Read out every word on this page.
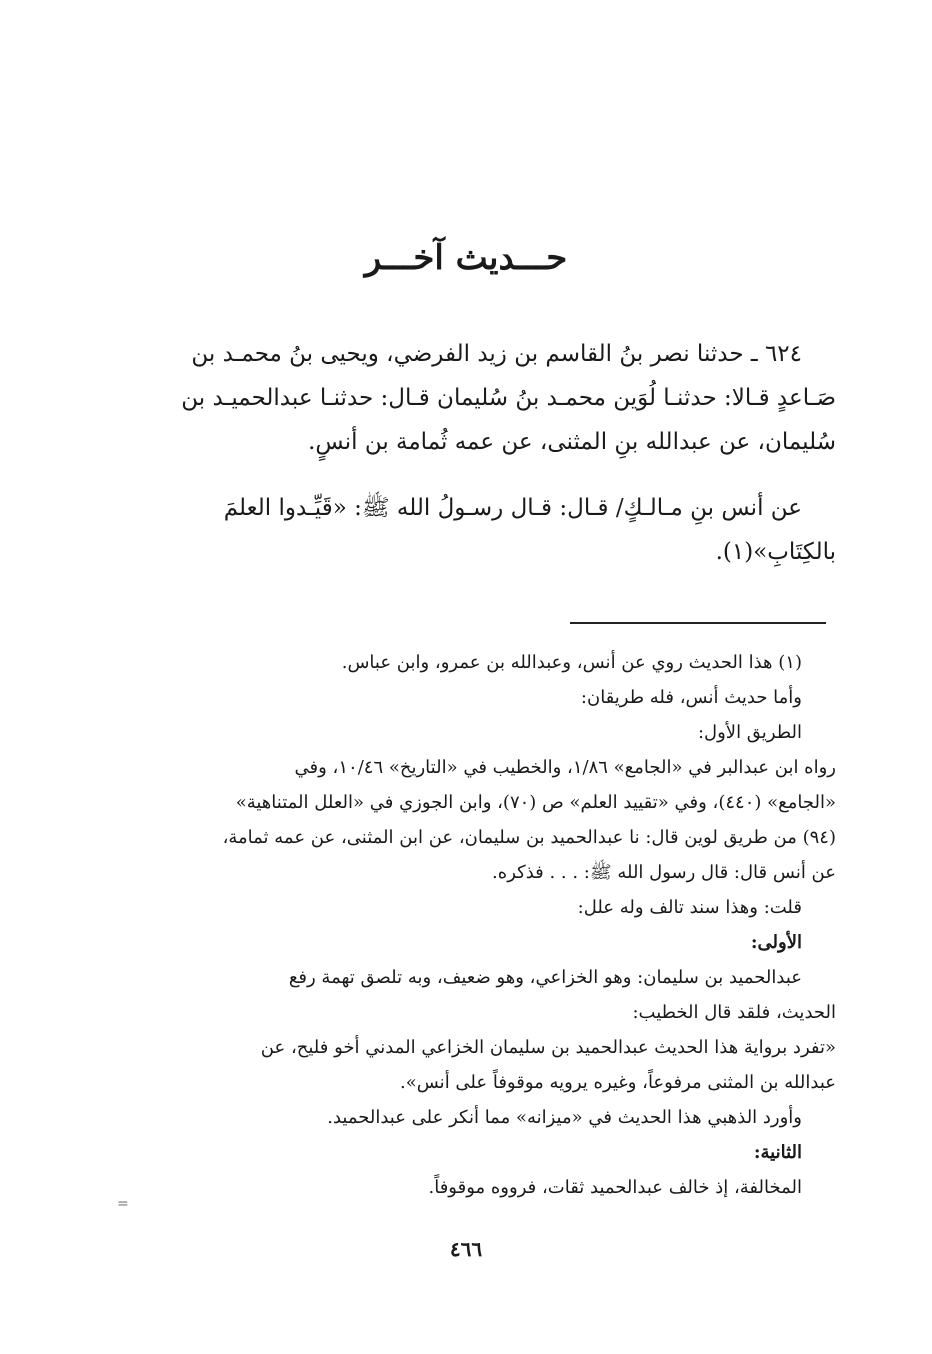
حـــديث آخـــر
٦٢٤ ـ حدثنا نصر بنُ القاسم بن زيد الفرضي، ويحيى بنُ محمـد بن
صَـاعدٍ قـالا: حدثنـا لُوَين محمـد بنُ سُليمان قـال: حدثنـا عبدالحميـد بن
سُليمان، عن عبدالله بنِ المثنى، عن عمه ثُمامة بن أنسٍ.
عن أنس بنِ مـالـكٍ/ قـال: قـال رسـولُ الله ﷺ: «قَيِّـدوا العلمَ
بالكِتَابِ»(١).

(١) هذا الحديث روي عن أنس، وعبدالله بن عمرو، وابن عباس.

وأما حديث أنس، فله طريقان:

الطريق الأول:

رواه ابن عبدالبر في «الجامع» ١/٨٦، والخطيب في «التاريخ» ١٠/٤٦، وفي

«الجامع» (٤٤٠)، وفي «تقييد العلم» ص (٧٠)، وابن الجوزي في «العلل المتناهية»

(٩٤) من طريق لوين قال: نا عبدالحميد بن سليمان، عن ابن المثنى، عن عمه ثمامة،

عن أنس قال: قال رسول الله ﷺ: . . . فذكره.

قلت: وهذا سند تالف وله علل:

الأولى:

عبدالحميد بن سليمان: وهو الخزاعي، وهو ضعيف، وبه تلصق تهمة رفع

الحديث، فلقد قال الخطيب:

«تفرد برواية هذا الحديث عبدالحميد بن سليمان الخزاعي المدني أخو فليح، عن

عبدالله بن المثنى مرفوعاً، وغيره يرويه موقوفاً على أنس».

وأورد الذهبي هذا الحديث في «ميزانه» مما أنكر على عبدالحميد.

الثانية:

المخالفة، إذ خالف عبدالحميد ثقات، فرووه موقوفاً.

=
٤٦٦
